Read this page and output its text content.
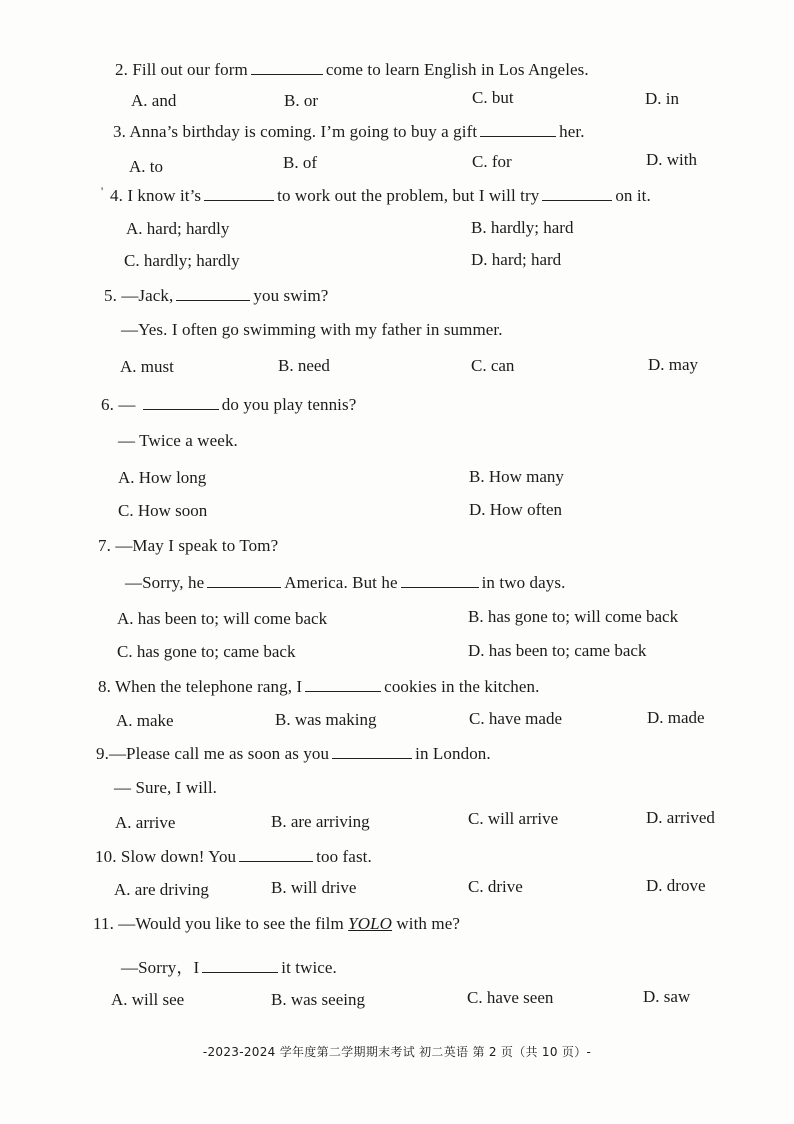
2. Fill out our form	come to learn English in Los Angeles.
A. and	B. or	C. but	D. in
3. Anna’s birthday is coming. I’m going to buy a gift	her.
A. to	B. of	C. for	D. with
' 4. I know it’s	to work out the problem, but I will try	on it.
A. hard; hardly	B. hardly; hard
C. hardly; hardly	D. hard; hard
5. —Jack,	you swim?
—Yes. I often go swimming with my father in summer.
A. must	B. need	C. can	D. may
6. —	do you play tennis?
— Twice a week.
A. How long	B. How many
C. How soon	D. How often
7. —May I speak to Tom?
—Sorry, he	America. But he	in two days.
A. has been to; will come back	B. has gone to; will come back
C. has gone to; came back	D. has been to; came back
8. When the telephone rang, I	cookies in the kitchen.
A. make	B. was making	C. have made	D. made
9.—Please call me as soon as you	in London.
— Sure, I will.
A. arrive	B. are arriving	C. will arrive	D. arrived
10. Slow down! You	too fast.
A. are driving	B. will drive	C. drive	D. drove
11. —Would you like to see the film YOLO with me?
—Sorry，I	it twice.
A. will see	B. was seeing	C. have seen	D. saw
-2023-2024 学年度第二学期期末考试 初二英语 第 2 页（共 10 页）-
